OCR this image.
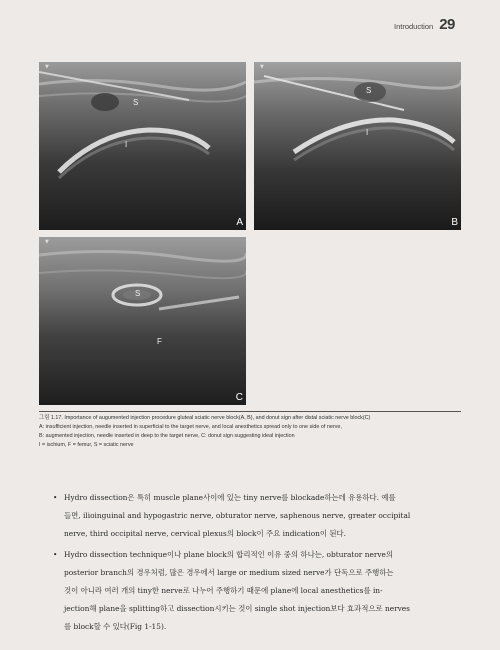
Introduction 29
▼
S
I
A
▼
S
I
B
▼
S
F
C
그림 1.17. Importance of augumented injection procedure gluteal sciatic nerve block(A, B), and donut sign after distal sciatic nerve block(C)
A: insufficient injection, needle inserted in superficial to the target nerve, and local anesthetics spread only to one side of nerve,
B: augmented injection, needle inserted in deep to the target nerve, C: donut sign suggesting ideal injection
I = ischium, F = femur, S = sciatic nerve
• Hydro dissection은 특히 muscle plane사이에 있는 tiny nerve를 blockade하는데 유용하다. 예를
들면, ilioinguinal and hypogastric nerve, obturator nerve, saphenous nerve, greater occipital
nerve, third occipital nerve, cervical plexus의 block이 주요 indication이 된다.
• Hydro dissection technique이나 plane block의 합리적인 이유 중의 하나는, obturator nerve의
posterior branch의 경우처럼, 많은 경우에서 large or medium sized nerve가 단독으로 주행하는
것이 아니라 여러 개의 tiny한 nerve로 나누어 주행하기 때문에 plane에 local anesthetics를 in-
jection해 plane을 splitting하고 dissection시키는 것이 single shot injection보다 효과적으로 nerves
를 block할 수 있다(Fig 1-15).
